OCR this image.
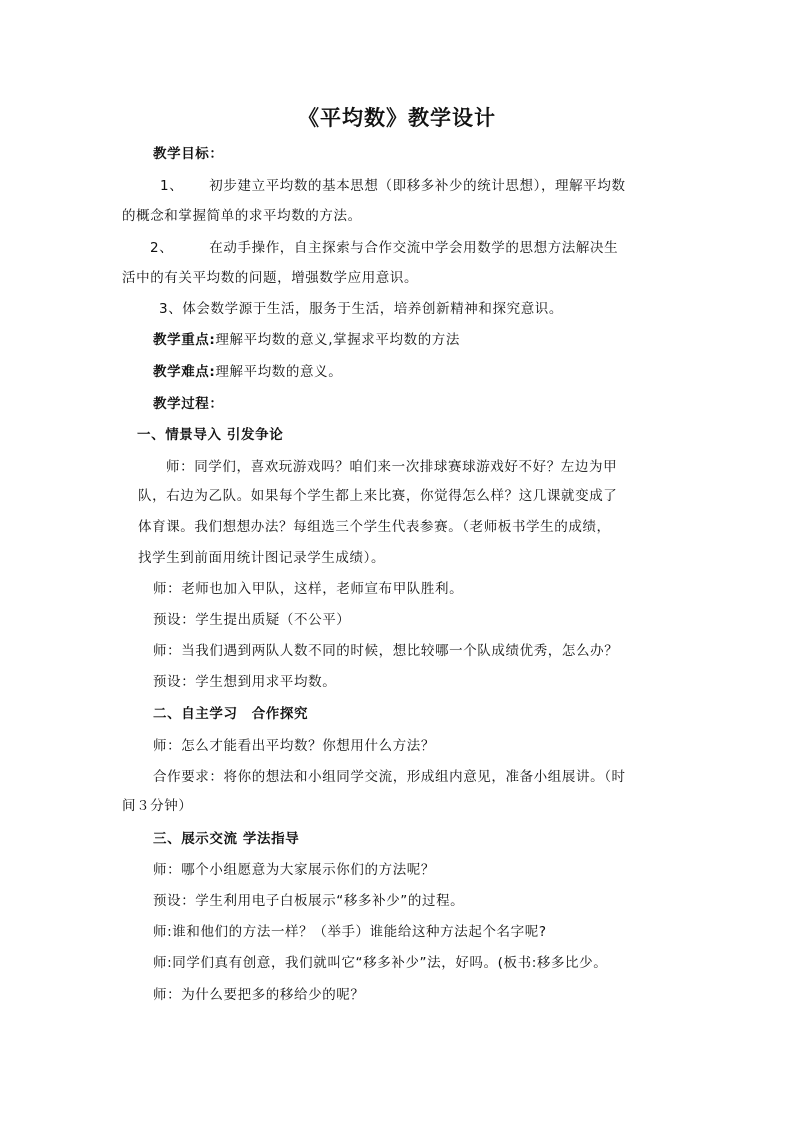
《平均数》教学设计

教学目标：

1、 初步建立平均数的基本思想（即移多补少的统计思想），理解平均数

的概念和掌握简单的求平均数的方法。

2、	在动手操作，自主探索与合作交流中学会用数学的思想方法解决生

活中的有关平均数的问题，增强数学应用意识。

3、体会数学源于生活，服务于生活，培养创新精神和探究意识。

教学重点:理解平均数的意义,掌握求平均数的方法

教学难点:理解平均数的意义。

教学过程：

一、情景导入 引发争论

师：同学们，喜欢玩游戏吗？咱们来一次排球赛球游戏好不好？左边为甲

队，右边为乙队。如果每个学生都上来比赛，你觉得怎么样？这几课就变成了

体育课。我们想想办法？每组选三个学生代表参赛。（老师板书学生的成绩，

找学生到前面用统计图记录学生成绩）。

师：老师也加入甲队，这样，老师宣布甲队胜利。

预设：学生提出质疑（不公平）

师：当我们遇到两队人数不同的时候，想比较哪一个队成绩优秀，怎么办？

预设：学生想到用求平均数。

二、自主学习　合作探究

师：怎么才能看出平均数？你想用什么方法？

合作要求：将你的想法和小组同学交流，形成组内意见，准备小组展讲。（时

间３分钟）

三、展示交流 学法指导

师：哪个小组愿意为大家展示你们的方法呢？

预设：学生利用电子白板展示“移多补少”的过程。

师:谁和他们的方法一样？（举手）谁能给这种方法起个名字呢?

师:同学们真有创意，我们就叫它“移多补少”法，好吗。(板书:移多比少。

师：为什么要把多的移给少的呢？
